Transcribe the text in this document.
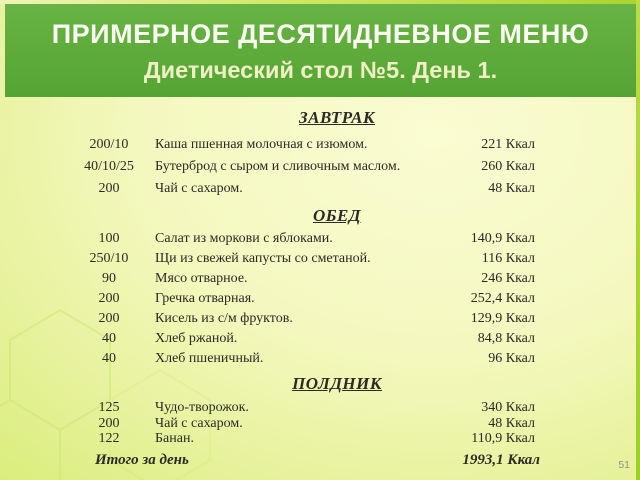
ПРИМЕРНОЕ ДЕСЯТИДНЕВНОЕ МЕНЮ
Диетический стол №5. День 1.
ЗАВТРАК
200/10	Каша пшенная молочная с изюмом.	221 Ккал
40/10/25	Бутерброд с сыром и сливочным маслом.	260 Ккал
200	Чай с сахаром.	48 Ккал
ОБЕД
100	Салат из моркови с яблоками.	140,9 Ккал
250/10	Щи из свежей капусты со сметаной.	116 Ккал
90	Мясо отварное.	246 Ккал
200	Гречка отварная.	252,4 Ккал
200	Кисель из с/м фруктов.	129,9 Ккал
40	Хлеб ржаной.	84,8 Ккал
40	Хлеб пшеничный.	96 Ккал
ПОЛДНИК
125	Чудо-творожок.	340 Ккал
200	Чай с сахаром.	48 Ккал
122	Банан.	110,9 Ккал
Итого за день	1993,1 Ккал	51
